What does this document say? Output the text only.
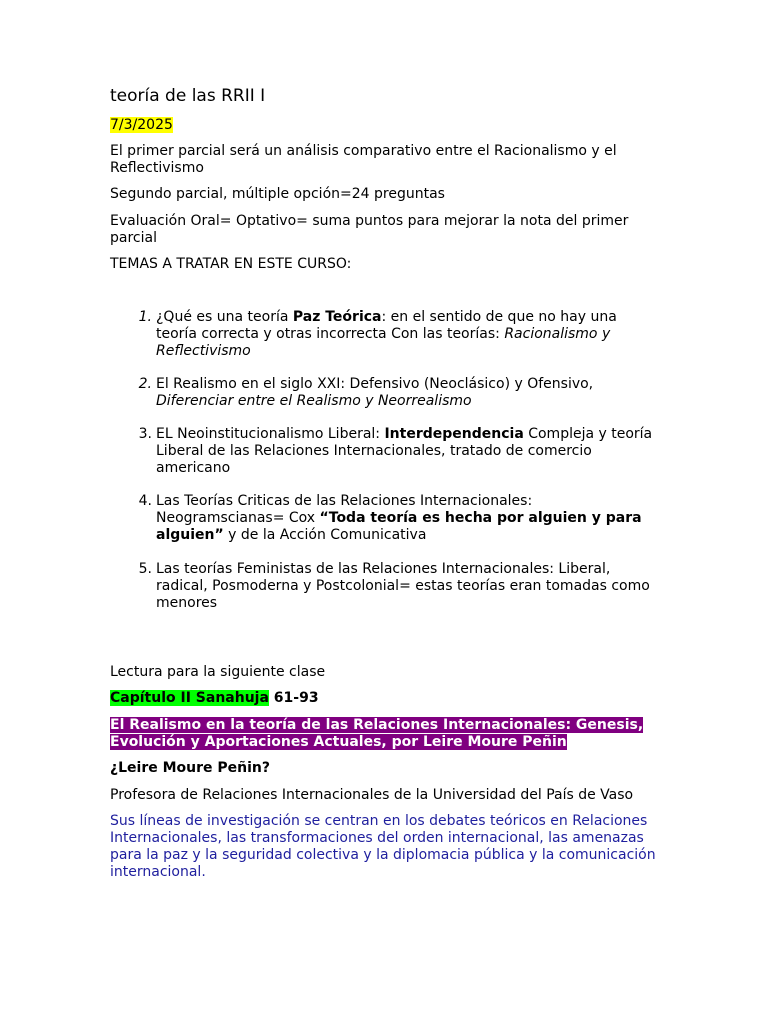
teoría de las RRII I

7/3/2025

El primer parcial será un análisis comparativo entre el Racionalismo y el Reflectivismo

Segundo parcial, múltiple opción=24 preguntas

Evaluación Oral= Optativo= suma puntos para mejorar la nota del primer parcial

TEMAS A TRATAR EN ESTE CURSO:

1. ¿Qué es una teoría Paz Teórica: en el sentido de que no hay una teoría correcta y otras incorrecta Con las teorías: Racionalismo y Reflectivismo
2. El Realismo en el siglo XXI: Defensivo (Neoclásico) y Ofensivo, Diferenciar entre el Realismo y Neorrealismo
3. EL Neoinstitucionalismo Liberal: Interdependencia Compleja y teoría Liberal de las Relaciones Internacionales, tratado de comercio americano
4. Las Teorías Criticas de las Relaciones Internacionales: Neogramscianas= Cox “Toda teoría es hecha por alguien y para alguien” y de la Acción Comunicativa
5. Las teorías Feministas de las Relaciones Internacionales: Liberal, radical, Posmoderna y Postcolonial= estas teorías eran tomadas como menores

Lectura para la siguiente clase

Capítulo II Sanahuja 61-93

El Realismo en la teoría de las Relaciones Internacionales: Genesis, Evolución y Aportaciones Actuales, por Leire Moure Peñin

¿Leire Moure Peñin?

Profesora de Relaciones Internacionales de la Universidad del País de Vaso

Sus líneas de investigación se centran en los debates teóricos en Relaciones Internacionales, las transformaciones del orden internacional, las amenazas para la paz y la seguridad colectiva y la diplomacia pública y la comunicación internacional.
